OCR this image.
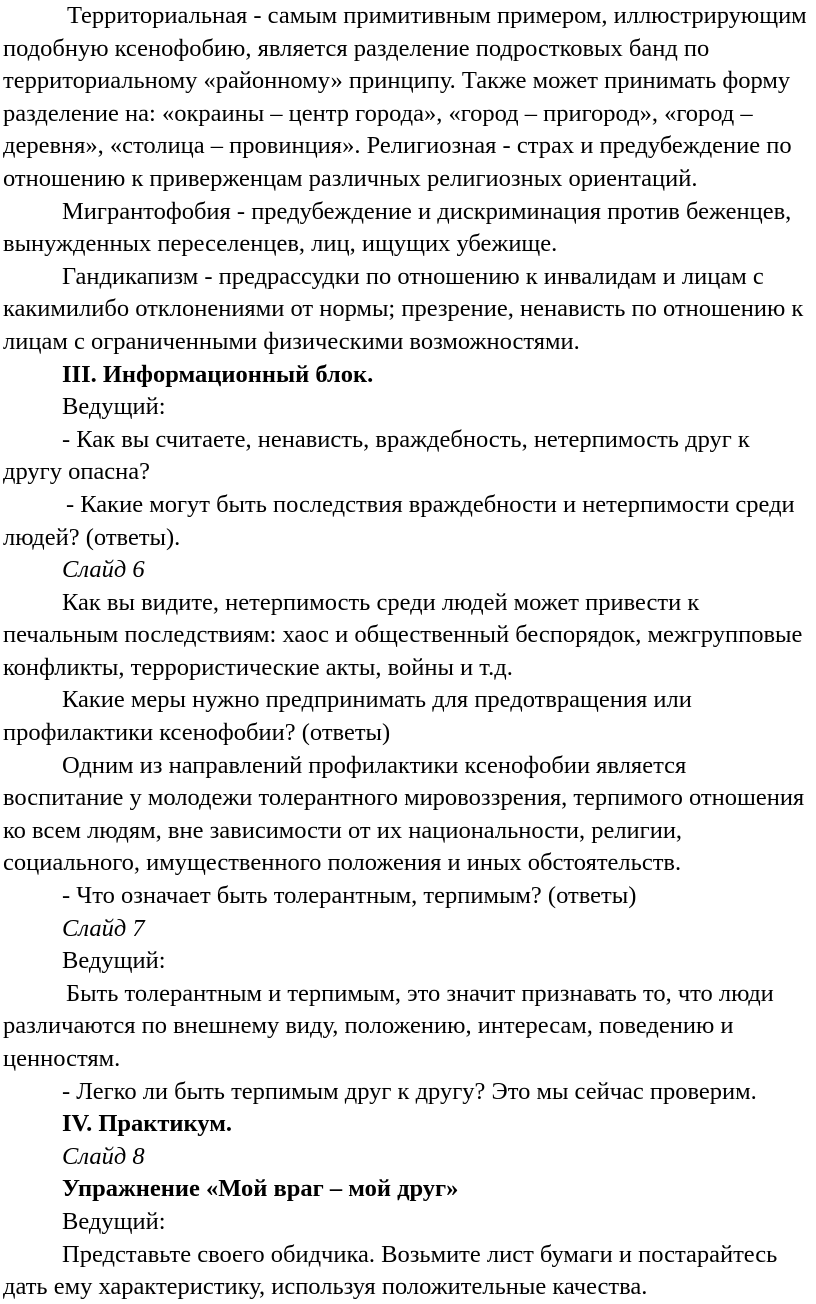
Территориальная - самым примитивным примером, иллюстрирующим подобную ксенофобию, является разделение подростковых банд по территориальному «районному» принципу. Также может принимать форму разделение на: «окраины – центр города», «город – пригород», «город – деревня», «столица – провинция». Религиозная - страх и предубеждение по отношению к приверженцам различных религиозных ориентаций.

Мигрантофобия - предубеждение и дискриминация против беженцев, вынужденных переселенцев, лиц, ищущих убежище.

Гандикапизм - предрассудки по отношению к инвалидам и лицам с какимилибо отклонениями от нормы; презрение, ненависть по отношению к лицам с ограниченными физическими возможностями.

III. Информационный блок.

Ведущий:

- Как вы считаете, ненависть, враждебность, нетерпимость друг к другу опасна?

- Какие могут быть последствия враждебности и нетерпимости среди людей? (ответы).

Слайд 6

Как вы видите, нетерпимость среди людей может привести к печальным последствиям: хаос и общественный беспорядок, межгрупповые конфликты, террористические акты, войны и т.д.

Какие меры нужно предпринимать для предотвращения или профилактики ксенофобии? (ответы)

Одним из направлений профилактики ксенофобии является воспитание у молодежи толерантного мировоззрения, терпимого отношения ко всем людям, вне зависимости от их национальности, религии, социального, имущественного положения и иных обстоятельств.

- Что означает быть толерантным, терпимым? (ответы)

Слайд 7

Ведущий:

Быть толерантным и терпимым, это значит признавать то, что люди различаются по внешнему виду, положению, интересам, поведению и ценностям.

- Легко ли быть терпимым друг к другу? Это мы сейчас проверим.

IV. Практикум.

Слайд 8

Упражнение «Мой враг – мой друг»

Ведущий:

Представьте своего обидчика. Возьмите лист бумаги и постарайтесь дать ему характеристику, используя положительные качества.
